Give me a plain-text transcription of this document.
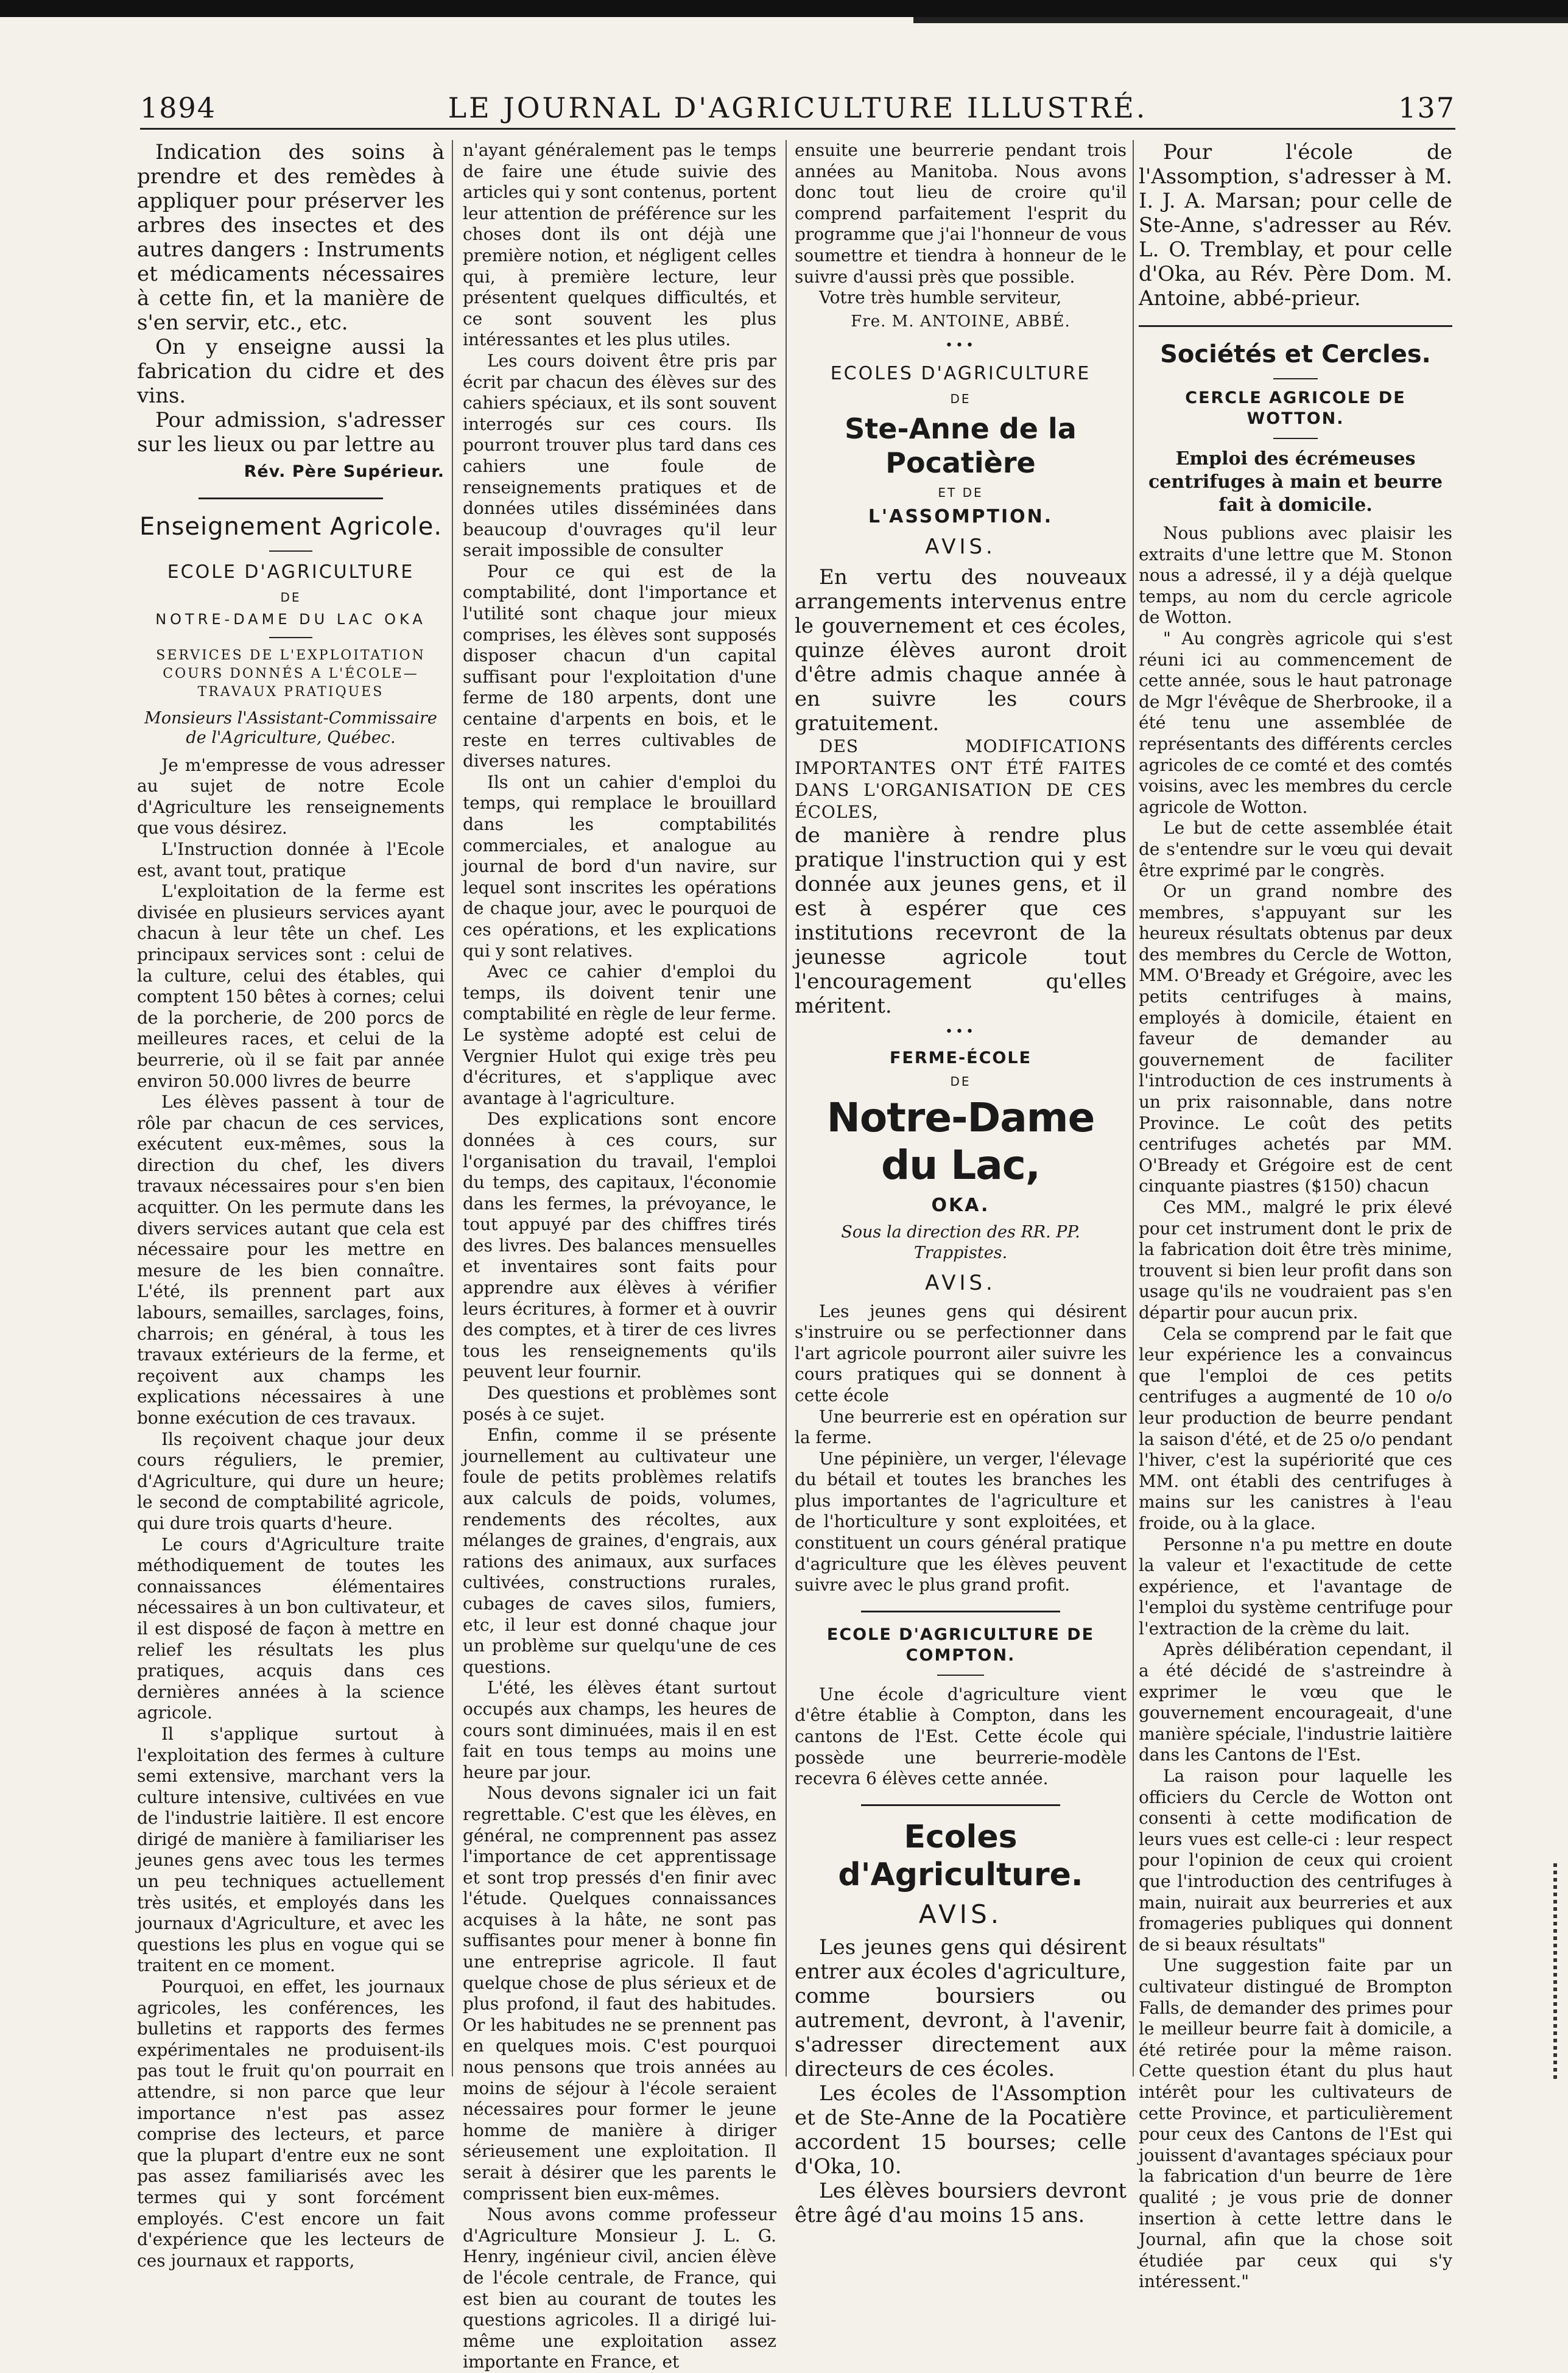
1894	LE JOURNAL D'AGRICULTURE ILLUSTRÉ.	137

Indication des soins à prendre et des remèdes à appliquer pour préserver les arbres des insectes et des autres dangers : Instruments et médicaments nécessaires à cette fin, et la manière de s'en servir, etc., etc.

On y enseigne aussi la fabrication du cidre et des vins.

Pour admission, s'adresser sur les lieux ou par lettre au

Rév. Père Supérieur.
Enseignement Agricole.
ECOLE D'AGRICULTURE
DE
NOTRE-DAME DU LAC OKA
SERVICES DE L'EXPLOITATION COURS DONNÉS A L'ÉCOLE—TRAVAUX PRATIQUES
Monsieurs l'Assistant-Commissaire de l'Agriculture, Québec.

Je m'empresse de vous adresser au sujet de notre Ecole d'Agriculture les renseignements que vous désirez.

L'Instruction donnée à l'Ecole est, avant tout, pratique

L'exploitation de la ferme est divisée en plusieurs services ayant chacun à leur tête un chef. Les principaux services sont : celui de la culture, celui des étables, qui comptent 150 bêtes à cornes; celui de la porcherie, de 200 porcs de meilleures races, et celui de la beurrerie, où il se fait par année environ 50.000 livres de beurre

Les élèves passent à tour de rôle par chacun de ces services, exécutent eux-mêmes, sous la direction du chef, les divers travaux nécessaires pour s'en bien acquitter. On les permute dans les divers services autant que cela est nécessaire pour les mettre en mesure de les bien connaître. L'été, ils prennent part aux labours, semailles, sarclages, foins, charrois; en général, à tous les travaux extérieurs de la ferme, et reçoivent aux champs les explications nécessaires à une bonne exécution de ces travaux.

Ils reçoivent chaque jour deux cours réguliers, le premier, d'Agriculture, qui dure un heure; le second de comptabilité agricole, qui dure trois quarts d'heure.

Le cours d'Agriculture traite méthodiquement de toutes les connaissances élémentaires nécessaires à un bon cultivateur, et il est disposé de façon à mettre en relief les résultats les plus pratiques, acquis dans ces dernières années à la science agricole.

Il s'applique surtout à l'exploitation des fermes à culture semi extensive, marchant vers la culture intensive, cultivées en vue de l'industrie laitière. Il est encore dirigé de manière à familiariser les jeunes gens avec tous les termes un peu techniques actuellement très usités, et employés dans les journaux d'Agriculture, et avec les questions les plus en vogue qui se traitent en ce moment.

Pourquoi, en effet, les journaux agricoles, les conférences, les bulletins et rapports des fermes expérimentales ne produisent-ils pas tout le fruit qu'on pourrait en attendre, si non parce que leur importance n'est pas assez comprise des lecteurs, et parce que la plupart d'entre eux ne sont pas assez familiarisés avec les termes qui y sont forcément employés. C'est encore un fait d'expérience que les lecteurs de ces journaux et rapports,

n'ayant généralement pas le temps de faire une étude suivie des articles qui y sont contenus, portent leur attention de préférence sur les choses dont ils ont déjà une première notion, et négligent celles qui, à première lecture, leur présentent quelques difficultés, et ce sont souvent les plus intéressantes et les plus utiles.

Les cours doivent être pris par écrit par chacun des élèves sur des cahiers spéciaux, et ils sont souvent interrogés sur ces cours. Ils pourront trouver plus tard dans ces cahiers une foule de renseignements pratiques et de données utiles disséminées dans beaucoup d'ouvrages qu'il leur serait impossible de consulter

Pour ce qui est de la comptabilité, dont l'importance et l'utilité sont chaque jour mieux comprises, les élèves sont supposés disposer chacun d'un capital suffisant pour l'exploitation d'une ferme de 180 arpents, dont une centaine d'arpents en bois, et le reste en terres cultivables de diverses natures.

Ils ont un cahier d'emploi du temps, qui remplace le brouillard dans les comptabilités commerciales, et analogue au journal de bord d'un navire, sur lequel sont inscrites les opérations de chaque jour, avec le pourquoi de ces opérations, et les explications qui y sont relatives.

Avec ce cahier d'emploi du temps, ils doivent tenir une comptabilité en règle de leur ferme. Le système adopté est celui de Vergnier Hulot qui exige très peu d'écritures, et s'applique avec avantage à l'agriculture.

Des explications sont encore données à ces cours, sur l'organisation du travail, l'emploi du temps, des capitaux, l'économie dans les fermes, la prévoyance, le tout appuyé par des chiffres tirés des livres. Des balances mensuelles et inventaires sont faits pour apprendre aux élèves à vérifier leurs écritures, à former et à ouvrir des comptes, et à tirer de ces livres tous les renseignements qu'ils peuvent leur fournir.

Des questions et problèmes sont posés à ce sujet.

Enfin, comme il se présente journellement au cultivateur une foule de petits problèmes relatifs aux calculs de poids, volumes, rendements des récoltes, aux mélanges de graines, d'engrais, aux rations des animaux, aux surfaces cultivées, constructions rurales, cubages de caves silos, fumiers, etc, il leur est donné chaque jour un problème sur quelqu'une de ces questions.

L'été, les élèves étant surtout occupés aux champs, les heures de cours sont diminuées, mais il en est fait en tous temps au moins une heure par jour.

Nous devons signaler ici un fait regrettable. C'est que les élèves, en général, ne comprennent pas assez l'importance de cet apprentissage et sont trop pressés d'en finir avec l'étude. Quelques connaissances acquises à la hâte, ne sont pas suffisantes pour mener à bonne fin une entreprise agricole. Il faut quelque chose de plus sérieux et de plus profond, il faut des habitudes. Or les habitudes ne se prennent pas en quelques mois. C'est pourquoi nous pensons que trois années au moins de séjour à l'école seraient nécessaires pour former le jeune homme de manière à diriger sérieusement une exploitation. Il serait à désirer que les parents le comprissent bien eux-mêmes.

Nous avons comme professeur d'Agriculture Monsieur J. L. G. Henry, ingénieur civil, ancien élève de l'école centrale, de France, qui est bien au courant de toutes les questions agricoles. Il a dirigé lui-même une exploitation assez importante en France, et

ensuite une beurrerie pendant trois années au Manitoba. Nous avons donc tout lieu de croire qu'il comprend parfaitement l'esprit du programme que j'ai l'honneur de vous soumettre et tiendra à honneur de le suivre d'aussi près que possible.

Votre très humble serviteur,

Fre. M. ANTOINE, ABBÉ.
•••
ECOLES D'AGRICULTURE
DE
Ste-Anne de la Pocatière
ET DE
L'ASSOMPTION.
AVIS.

En vertu des nouveaux arrangements intervenus entre le gouvernement et ces écoles, quinze élèves auront droit d'être admis chaque année à en suivre les cours gratuitement.

DES MODIFICATIONS IMPORTANTES ONT ÉTÉ FAITES DANS L'ORGANISATION DE CES ÉCOLES,

de manière à rendre plus pratique l'instruction qui y est donnée aux jeunes gens, et il est à espérer que ces institutions recevront de la jeunesse agricole tout l'encouragement qu'elles méritent.

•••
FERME-ÉCOLE
DE
Notre-Dame du Lac,
OKA.
Sous la direction des RR. PP. Trappistes.
AVIS.

Les jeunes gens qui désirent s'instruire ou se perfectionner dans l'art agricole pourront ailer suivre les cours pratiques qui se donnent à cette école

Une beurrerie est en opération sur la ferme.

Une pépinière, un verger, l'élevage du bétail et toutes les branches les plus importantes de l'agriculture et de l'horticulture y sont exploitées, et constituent un cours général pratique d'agriculture que les élèves peuvent suivre avec le plus grand profit.

ECOLE D'AGRICULTURE DE COMPTON.

Une école d'agriculture vient d'être établie à Compton, dans les cantons de l'Est. Cette école qui possède une beurrerie-modèle recevra 6 élèves cette année.

Ecoles d'Agriculture.
AVIS.

Les jeunes gens qui désirent entrer aux écoles d'agriculture, comme boursiers ou autrement, devront, à l'avenir, s'adresser directement aux directeurs de ces écoles.

Les écoles de l'Assomption et de Ste-Anne de la Pocatière accordent 15 bourses; celle d'Oka, 10.

Les élèves boursiers devront être âgé d'au moins 15 ans.

Pour l'école de l'Assomption, s'adresser à M. I. J. A. Marsan; pour celle de Ste-Anne, s'adresser au Rév. L. O. Tremblay, et pour celle d'Oka, au Rév. Père Dom. M. Antoine, abbé-prieur.

Sociétés et Cercles.
CERCLE AGRICOLE DE WOTTON.
Emploi des écrémeuses centrifuges à main et beurre fait à domicile.

Nous publions avec plaisir les extraits d'une lettre que M. Stonon nous a adressé, il y a déjà quelque temps, au nom du cercle agricole de Wotton.

" Au congrès agricole qui s'est réuni ici au commencement de cette année, sous le haut patronage de Mgr l'évêque de Sherbrooke, il a été tenu une assemblée de représentants des différents cercles agricoles de ce comté et des comtés voisins, avec les membres du cercle agricole de Wotton.

Le but de cette assemblée était de s'entendre sur le vœu qui devait être exprimé par le congrès.

Or un grand nombre des membres, s'appuyant sur les heureux résultats obtenus par deux des membres du Cercle de Wotton, MM. O'Bready et Grégoire, avec les petits centrifuges à mains, employés à domicile, étaient en faveur de demander au gouvernement de faciliter l'introduction de ces instruments à un prix raisonnable, dans notre Province. Le coût des petits centrifuges achetés par MM. O'Bready et Grégoire est de cent cinquante piastres ($150) chacun

Ces MM., malgré le prix élevé pour cet instrument dont le prix de la fabrication doit être très minime, trouvent si bien leur profit dans son usage qu'ils ne voudraient pas s'en départir pour aucun prix.

Cela se comprend par le fait que leur expérience les a convaincus que l'emploi de ces petits centrifuges a augmenté de 10 o/o leur production de beurre pendant la saison d'été, et de 25 o/o pendant l'hiver, c'est la supériorité que ces MM. ont établi des centrifuges à mains sur les canistres à l'eau froide, ou à la glace.

Personne n'a pu mettre en doute la valeur et l'exactitude de cette expérience, et l'avantage de l'emploi du système centrifuge pour l'extraction de la crème du lait.

Après délibération cependant, il a été décidé de s'astreindre à exprimer le vœu que le gouvernement encourageait, d'une manière spéciale, l'industrie laitière dans les Cantons de l'Est.

La raison pour laquelle les officiers du Cercle de Wotton ont consenti à cette modification de leurs vues est celle-ci : leur respect pour l'opinion de ceux qui croient que l'introduction des centrifuges à main, nuirait aux beurreries et aux fromageries publiques qui donnent de si beaux résultats"

Une suggestion faite par un cultivateur distingué de Brompton Falls, de demander des primes pour le meilleur beurre fait à domicile, a été retirée pour la même raison. Cette question étant du plus haut intérêt pour les cultivateurs de cette Province, et particulièrement pour ceux des Cantons de l'Est qui jouissent d'avantages spéciaux pour la fabrication d'un beurre de 1ère qualité ; je vous prie de donner insertion à cette lettre dans le Journal, afin que la chose soit étudiée par ceux qui s'y intéressent."
